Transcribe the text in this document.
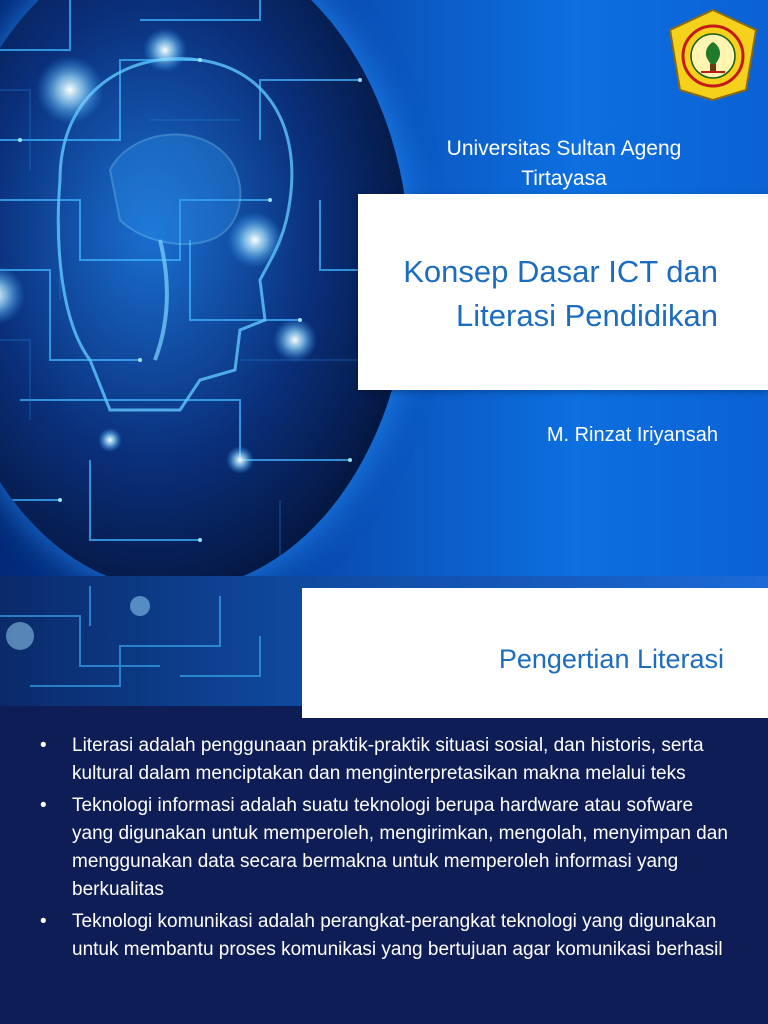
Universitas Sultan Ageng Tirtayasa
Konsep Dasar ICT dan
Literasi Pendidikan
M. Rinzat Iriyansah
Pengertian Literasi
• Literasi adalah penggunaan praktik-praktik situasi sosial, dan historis, serta kultural dalam menciptakan dan menginterpretasikan makna melalui teks
• Teknologi informasi adalah suatu teknologi berupa hardware atau sofware yang digunakan untuk memperoleh, mengirimkan, mengolah, menyimpan dan menggunakan data secara bermakna untuk memperoleh informasi yang berkualitas
• Teknologi komunikasi adalah perangkat-perangkat teknologi yang digunakan untuk membantu proses komunikasi yang bertujuan agar komunikasi berhasil
